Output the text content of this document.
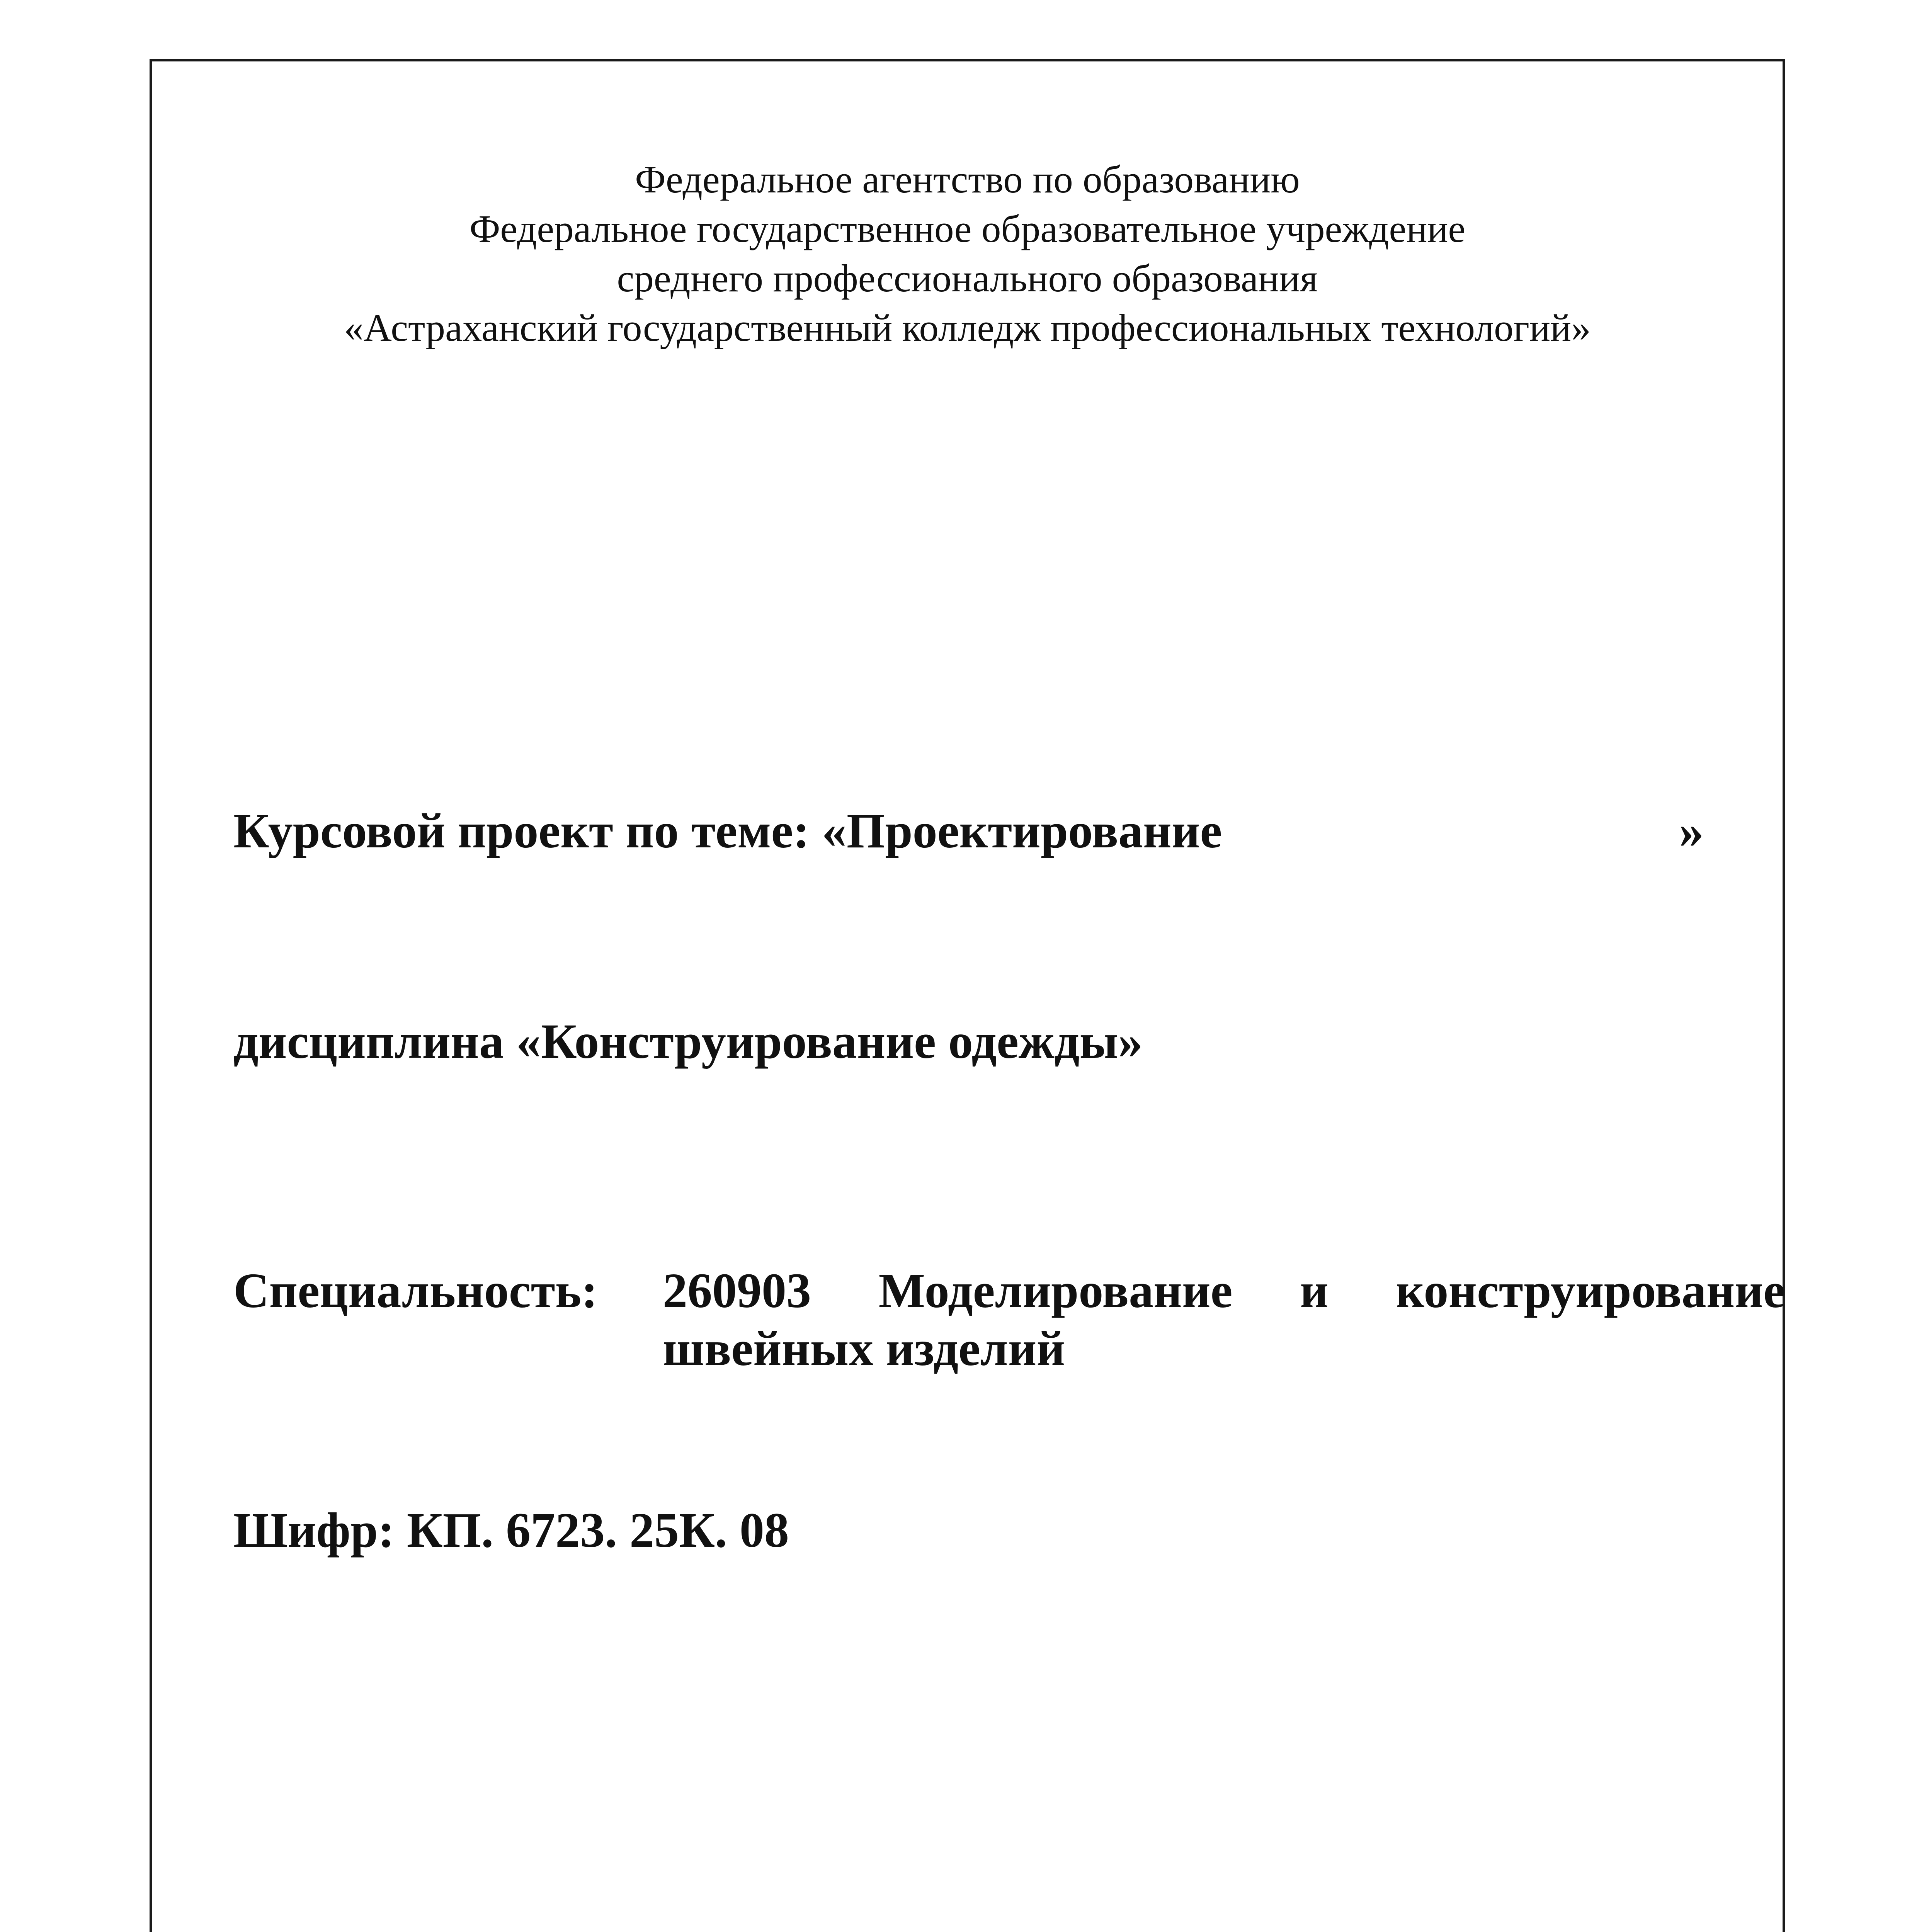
Федеральное агентство по образованию
Федеральное государственное образовательное учреждение
среднего профессионального образования
«Астраханский государственный колледж профессиональных технологий»
Курсовой проект по теме: «Проектирование	»
дисциплина «Конструирование одежды»
Специальность: 260903 Моделирование и конструирование
швейных изделий
Шифр: КП. 6723. 25К. 08
